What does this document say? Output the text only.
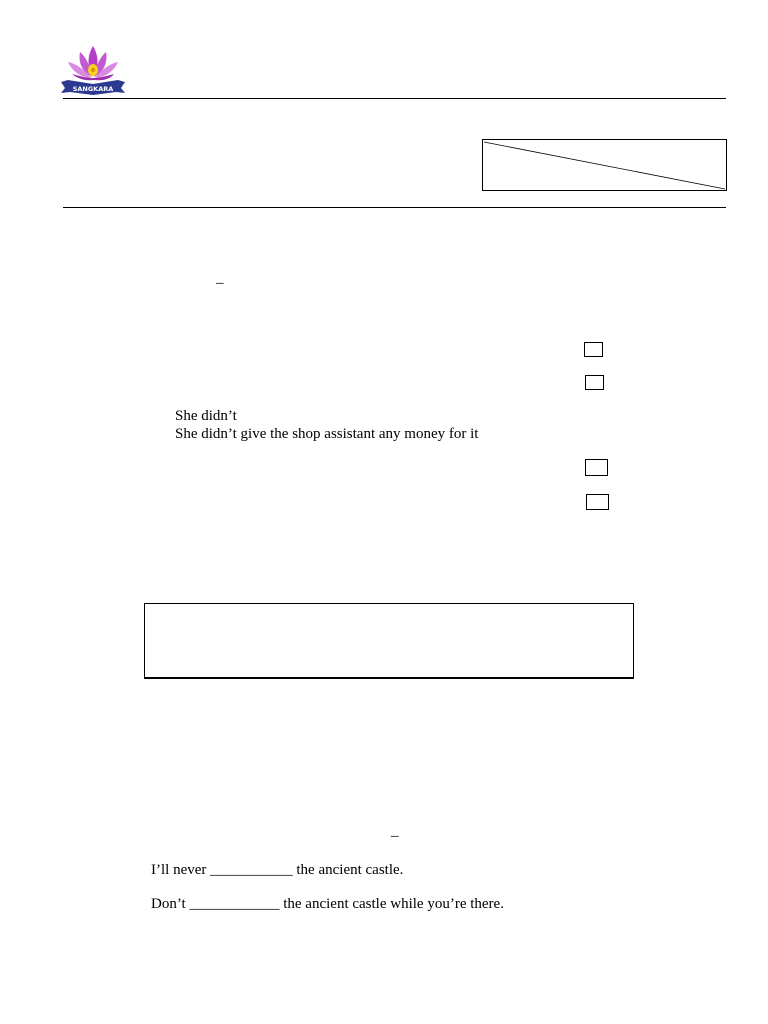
SANGKARA
–
She didn’t
She didn’t give the shop assistant any money for it
–
I’ll never ___________ the ancient castle.
Don’t ____________ the ancient castle while you’re there.
